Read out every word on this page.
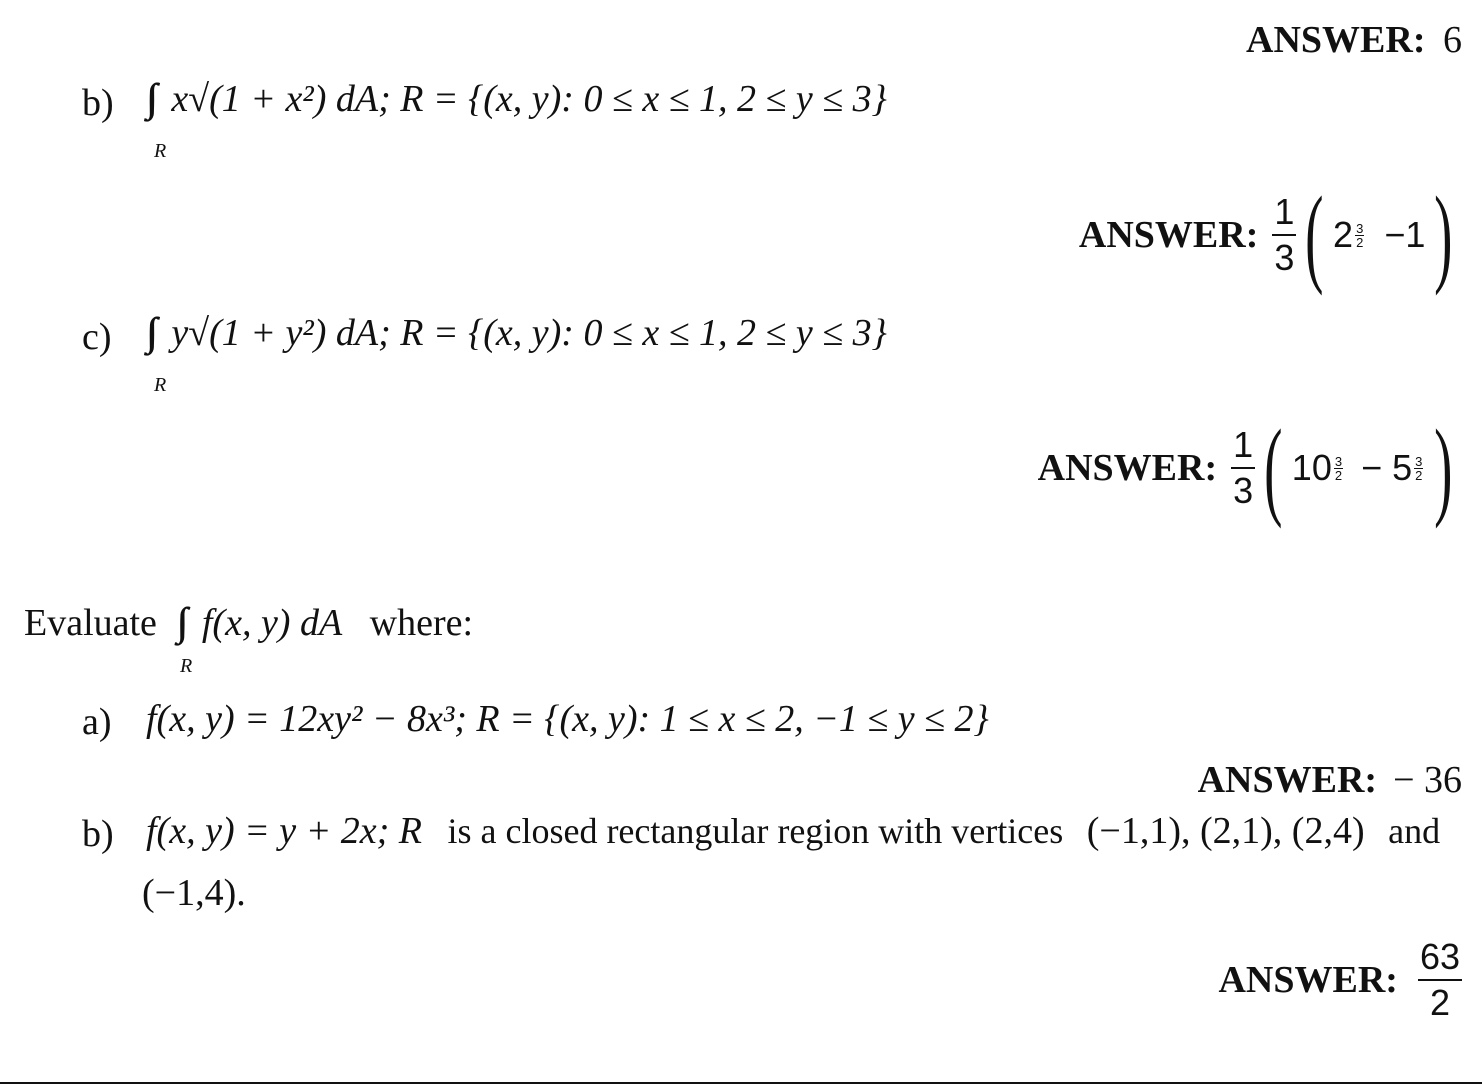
ANSWER: 6
b) ∫∫ x√(1 + x²) dA; R = {(x, y): 0 ≤ x ≤ 1, 2 ≤ y ≤ 3}
R
ANSWER: $\frac{1}{3}$ ( $2 \frac{3}{2} -1$ )
c) ∫∫ y√(1 + y²) dA; R = {(x, y): 0 ≤ x ≤ 1, 2 ≤ y ≤ 3}
R
ANSWER: $\frac{1}{3}$ ( $10 \frac{3}{2} - 5 \frac{3}{2}$ )
Evaluate ∫∫ f(x, y) dA where:
R
a) f(x, y) = 12xy² − 8x³; R = {(x, y): 1 ≤ x ≤ 2, −1 ≤ y ≤ 2}
ANSWER: − 36
b) f(x, y) = y + 2x; R is a closed rectangular region with vertices (−1,1), (2,1), (2,4) and
(−1,4).
ANSWER: $\frac{63}{2}$
